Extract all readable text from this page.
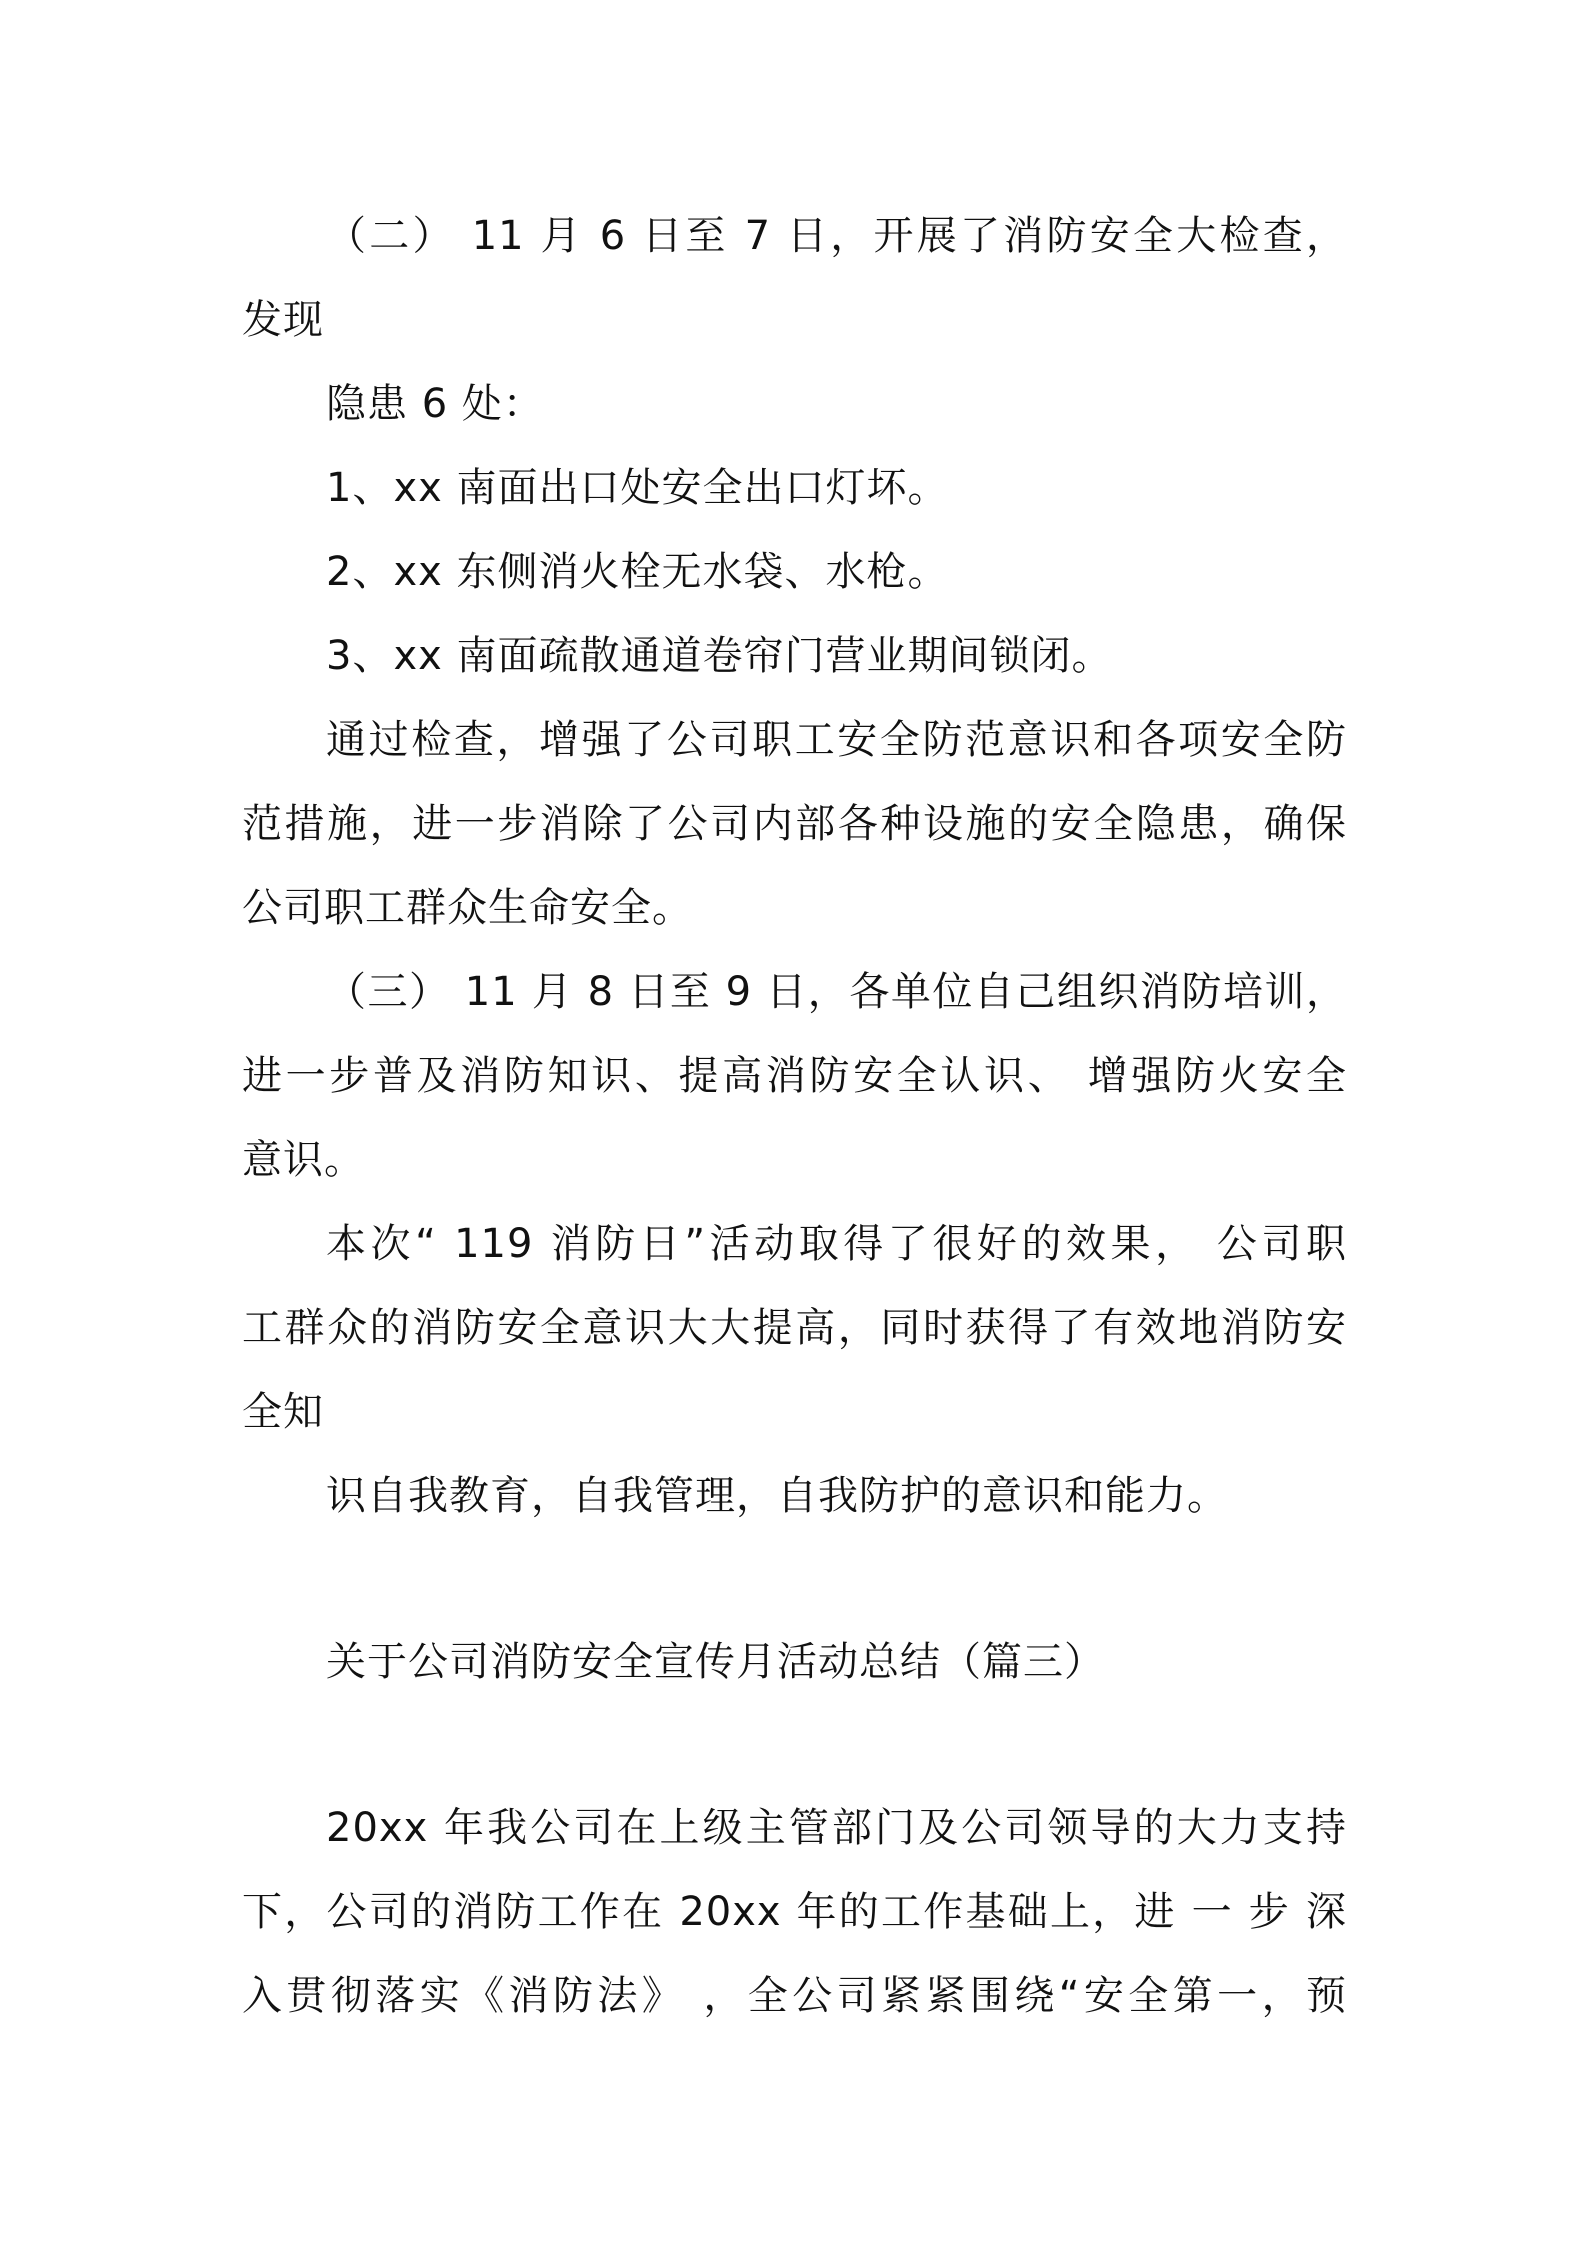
（二） 11 月 6 日至 7 日，开展了消防安全大检查，
发现
隐患 6 处：
1、xx 南面出口处安全出口灯坏。
2、xx 东侧消火栓无水袋、水枪。
3、xx 南面疏散通道卷帘门营业期间锁闭。
通过检查，增强了公司职工安全防范意识和各项安全防
范措施，进一步消除了公司内部各种设施的安全隐患，确保
公司职工群众生命安全。
（三） 11 月 8 日至 9 日，各单位自己组织消防培训，
进一步普及消防知识、提高消防安全认识、 增强防火安全
意识。
本次“ 119 消防日”活动取得了很好的效果， 公司职
工群众的消防安全意识大大提高，同时获得了有效地消防安
全知
识自我教育，自我管理，自我防护的意识和能力。
关于公司消防安全宣传月活动总结（篇三）
20xx 年我公司在上级主管部门及公司领导的大力支持
下，公司的消防工作在 20xx 年的工作基础上，进 一 步 深
入贯彻落实《消防法》 ，全公司紧紧围绕“安全第一，预
